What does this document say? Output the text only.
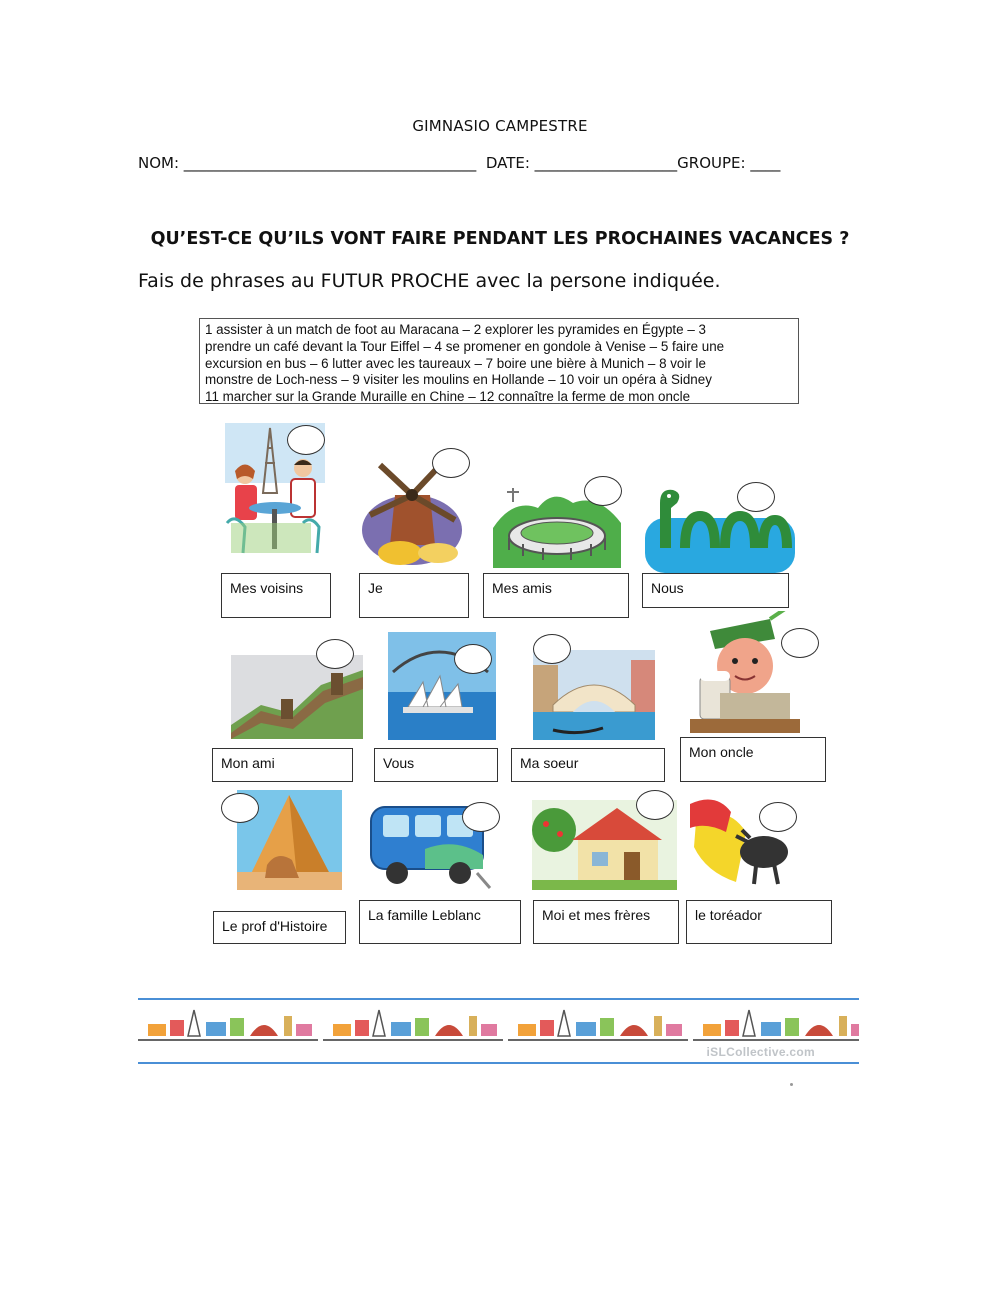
GIMNASIO CAMPESTRE
NOM: _______________________________________  DATE: ___________________GROUPE: ____
QU’EST-CE QU’ILS VONT FAIRE PENDANT LES PROCHAINES VACANCES ?
Fais de phrases au FUTUR PROCHE avec la persone indiquée.
1 assister à un match de foot au Maracana – 2 explorer les pyramides en Égypte – 3
prendre un café devant la Tour Eiffel – 4 se promener en gondole à Venise – 5 faire une
excursion en bus – 6 lutter avec les taureaux – 7 boire une bière à Munich – 8 voir le
monstre de Loch-ness – 9 visiter les moulins en Hollande – 10 voir un opéra à Sidney
11 marcher sur la Grande Muraille en Chine – 12 connaître la ferme de mon oncle
Mes voisins	Je	Mes amis	Nous
Mon ami	Vous	Ma soeur
Mon oncle
Le prof d'Histoire
La famille Leblanc	Moi et mes frères	le toréador
iSLCollective.com
